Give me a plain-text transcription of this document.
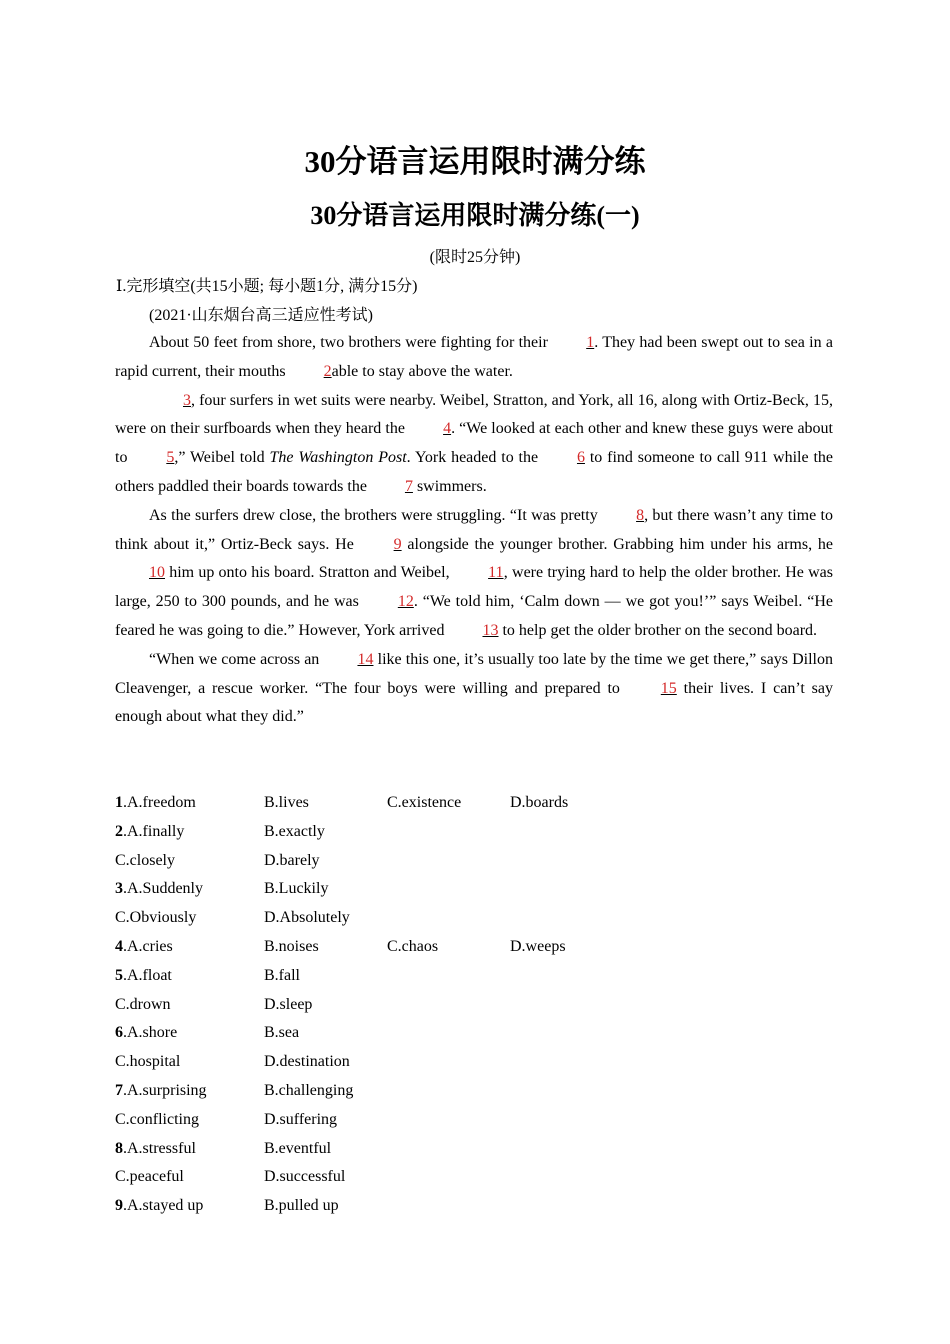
30分语言运用限时满分练
30分语言运用限时满分练(一)
(限时25分钟)
Ⅰ.完形填空(共15小题; 每小题1分, 满分15分)
(2021·山东烟台高三适应性考试)

About 50 feet from shore, two brothers were fighting for their 1. They had been swept out to sea in a rapid current, their mouths 2able to stay above the water.

3, four surfers in wet suits were nearby. Weibel, Stratton, and York, all 16, along with Ortiz-Beck, 15, were on their surfboards when they heard the 4. “We looked at each other and knew these guys were about to 5,” Weibel told The Washington Post. York headed to the 6 to find someone to call 911 while the others paddled their boards towards the 7 swimmers.

As the surfers drew close, the brothers were struggling. “It was pretty 8, but there wasn’t any time to think about it,” Ortiz-Beck says. He 9 alongside the younger brother. Grabbing him under his arms, he 10 him up onto his board. Stratton and Weibel, 11, were trying hard to help the older brother. He was large, 250 to 300 pounds, and he was 12. “We told him, ‘Calm down — we got you!’” says Weibel. “He feared he was going to die.” However, York arrived 13 to help get the older brother on the second board.

“When we come across an 14 like this one, it’s usually too late by the time we get there,” says Dillon Cleavenger, a rescue worker. “The four boys were willing and prepared to 15 their lives. I can’t say enough about what they did.”

1.A.freedom	B.lives	C.existence	D.boards
2.A.finally	B.exactly
C.closely	D.barely
3.A.Suddenly	B.Luckily
C.Obviously	D.Absolutely
4.A.cries	B.noises	C.chaos	D.weeps
5.A.float	B.fall
C.drown	D.sleep
6.A.shore	B.sea
C.hospital	D.destination
7.A.surprising	B.challenging
C.conflicting	D.suffering
8.A.stressful	B.eventful
C.peaceful	D.successful
9.A.stayed up	B.pulled up
